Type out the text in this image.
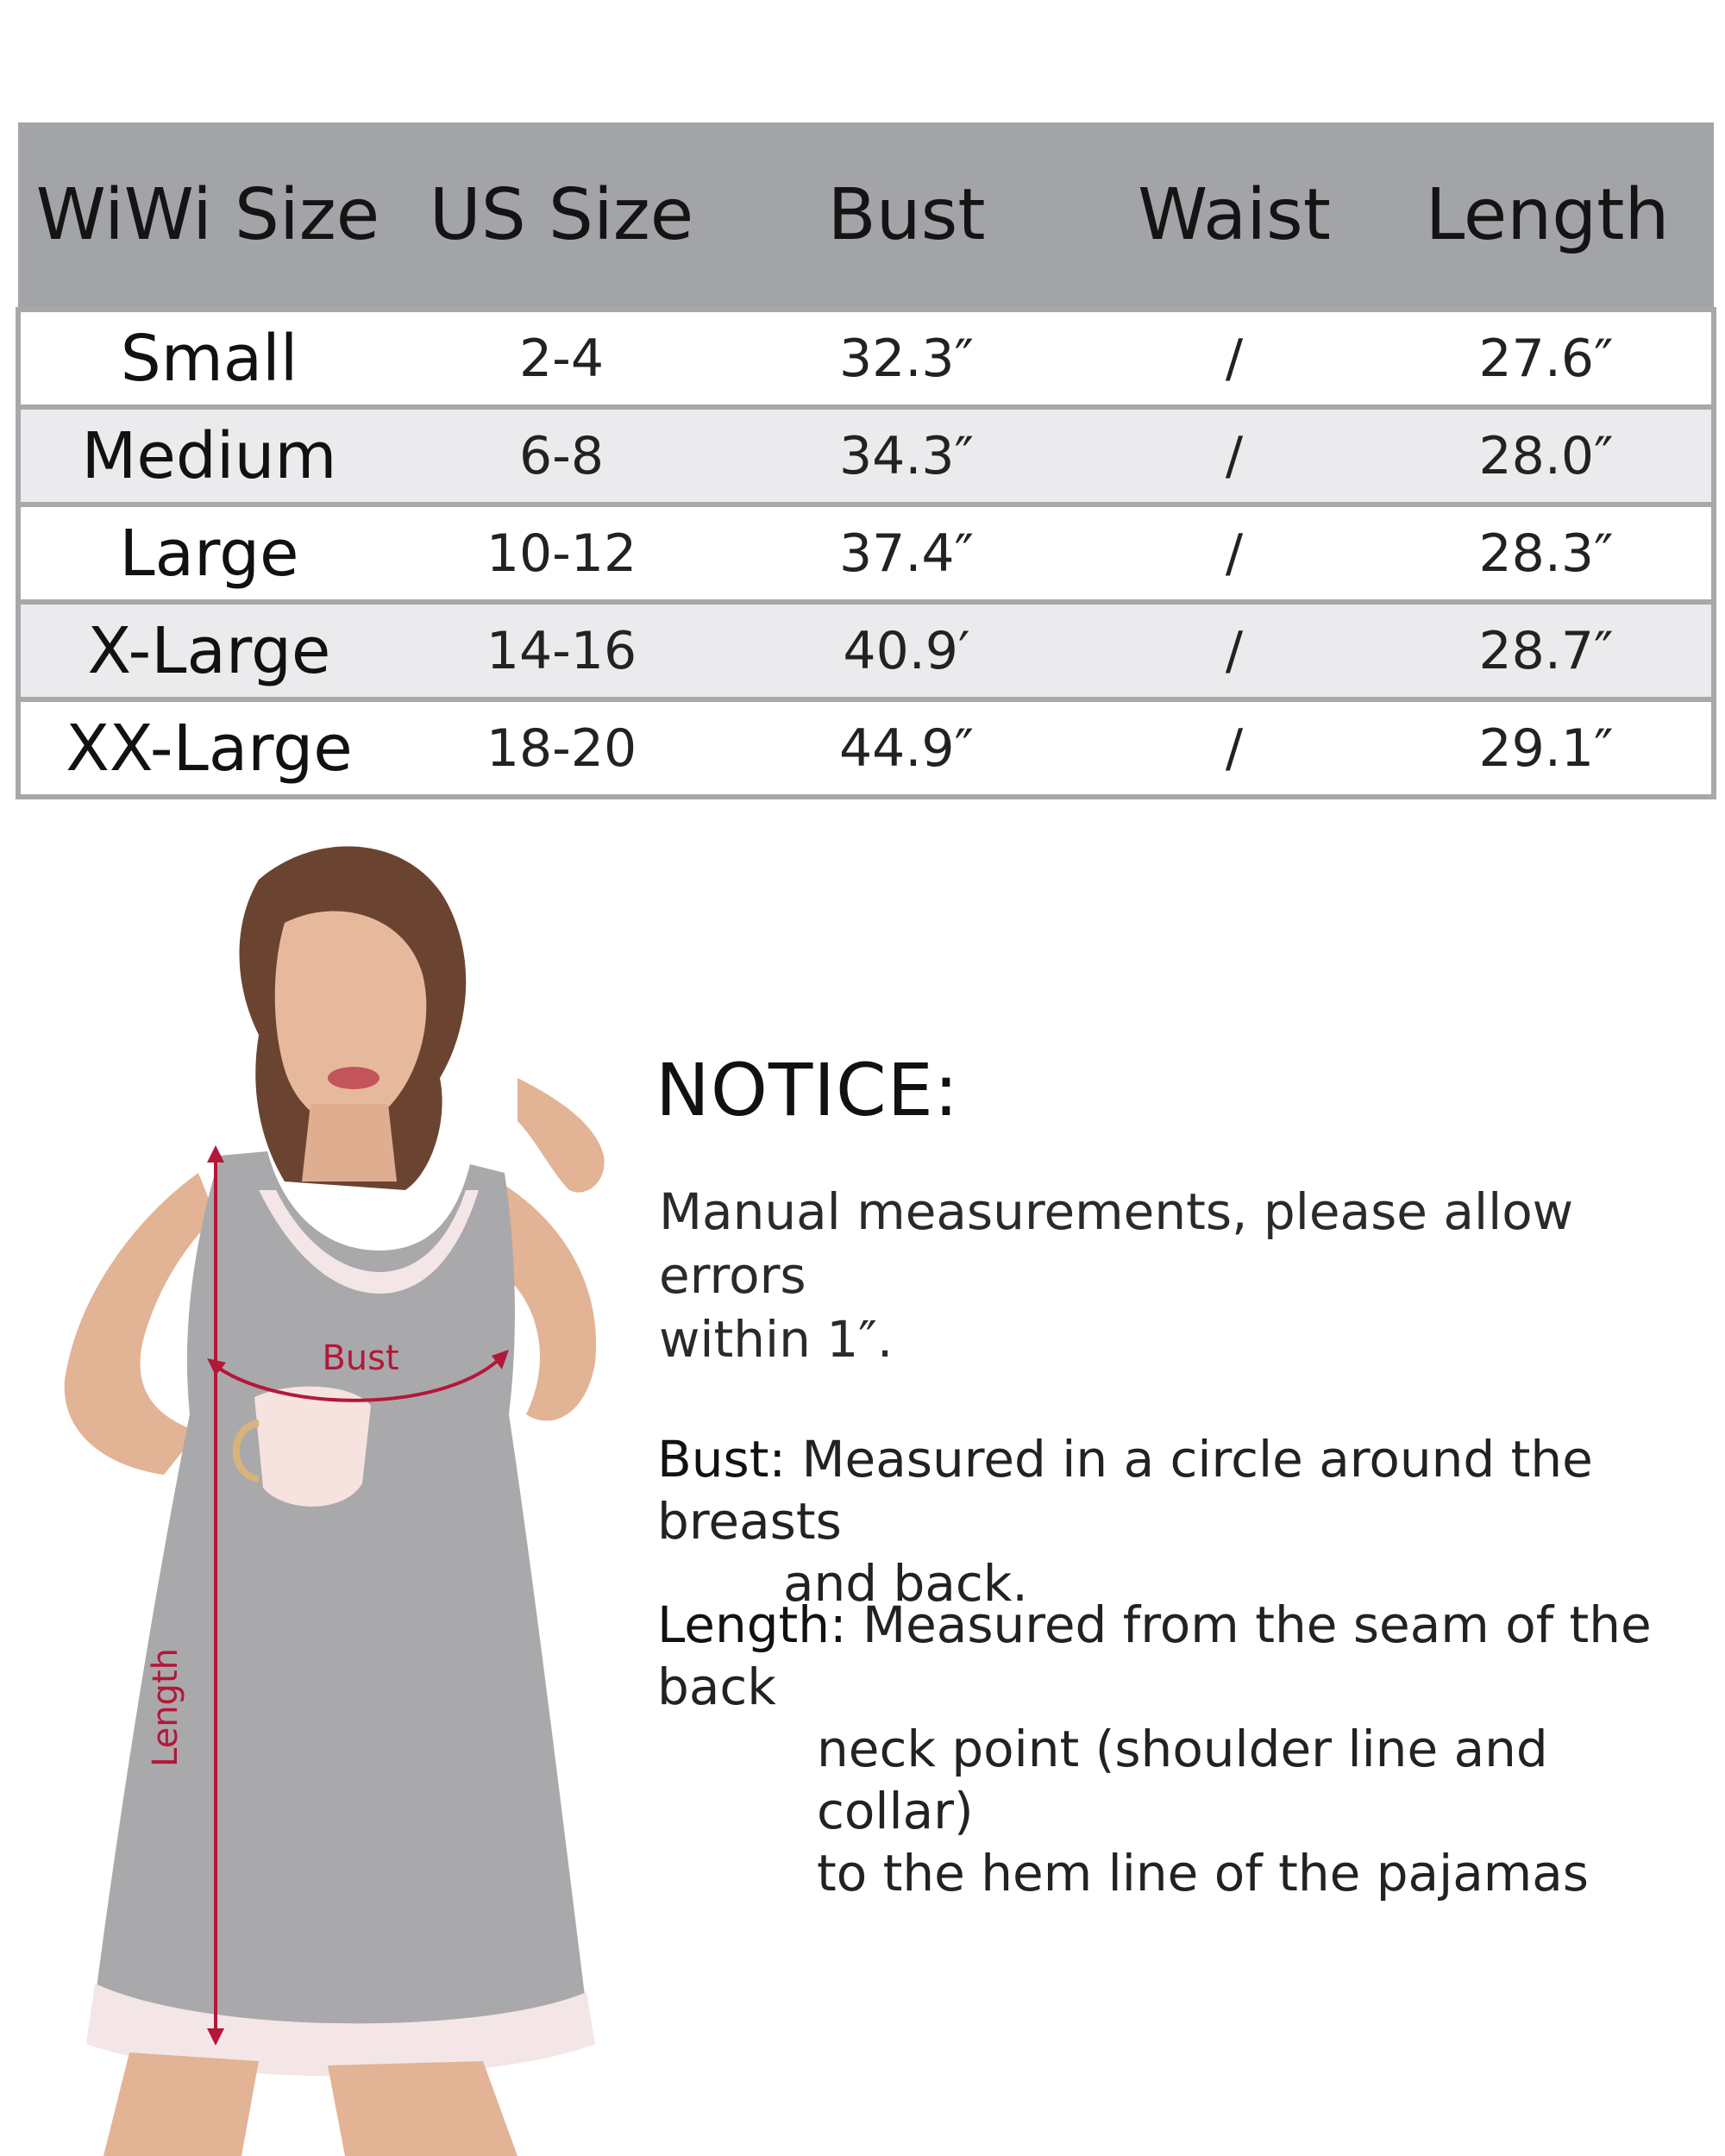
WiWi Size	US Size	Bust	Waist	Length
Small	2-4	32.3″	/	27.6″
Medium	6-8	34.3″	/	28.0″
Large	10-12	37.4″	/	28.3″
X-Large	14-16	40.9′	/	28.7″
XX-Large	18-20	44.9″	/	29.1″
Length
Bust
NOTICE:
Manual measurements, please allow errors
within 1″.
Bust: Measured in a circle around the breasts
and back.
Length: Measured from the seam of the back
neck point (shoulder line and collar)
to the hem line of the pajamas
